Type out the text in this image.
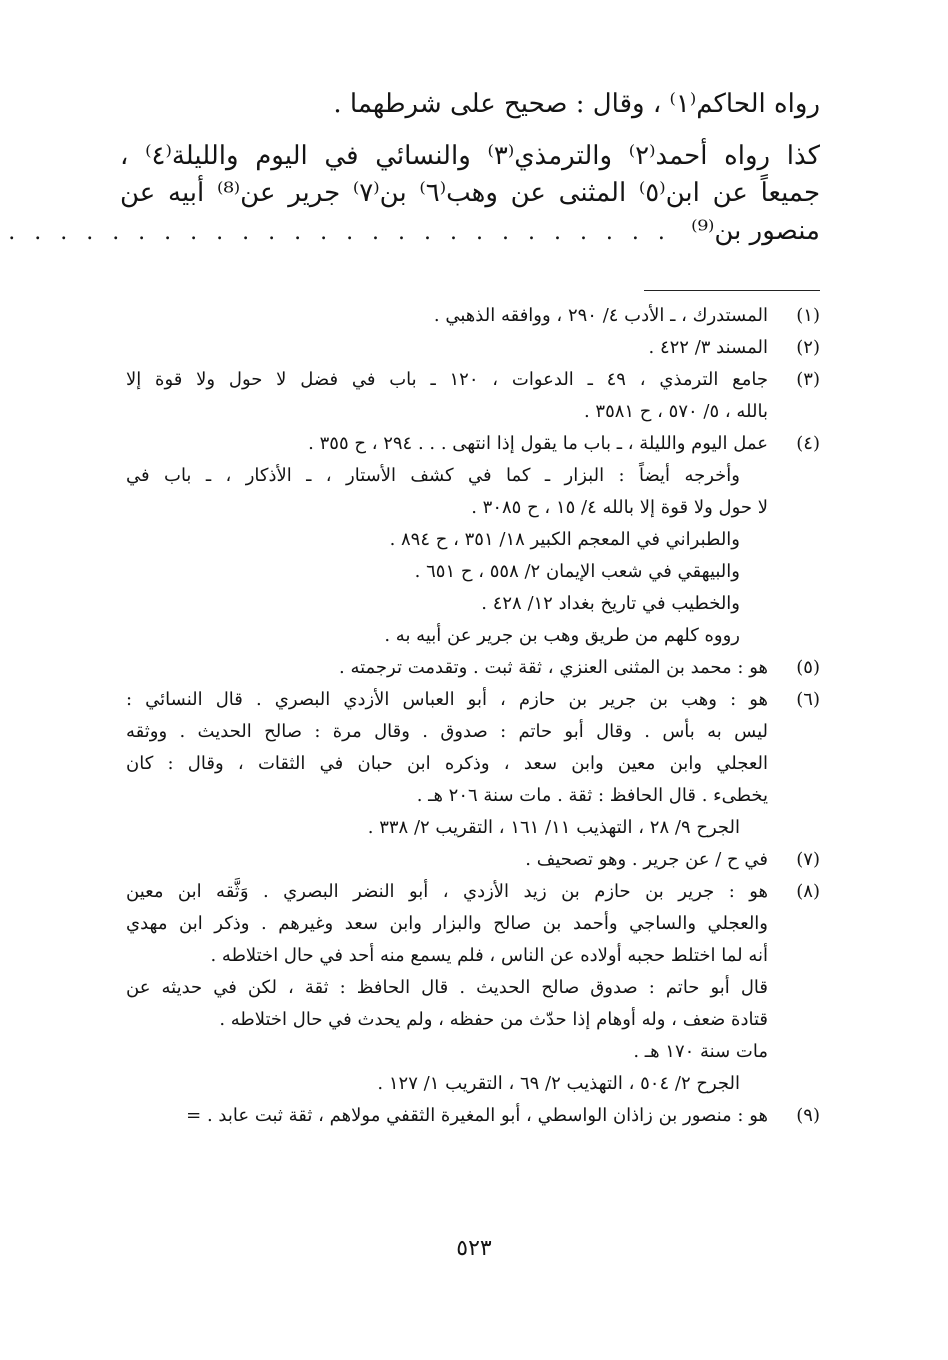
رواه الحاكم⁽١⁾ ، وقال : صحيح على شرطهما .

كذا رواه أحمد⁽٢⁾ والترمذي⁽٣⁾ والنسائي في اليوم والليلة⁽٤⁾ ،

جميعاً عن ابن⁽٥⁾ المثنى عن وهب⁽٦⁾ بن⁽٧⁾ جرير عن⁽⁸⁾ أبيه عن

منصور بن⁽⁹⁾ . . . . . . . . . . . . . . . . . . . . . . . . . .

(١)
المستدرك ، ـ الأدب ٤/ ٢٩٠ ، ووافقه الذهبي .
(٢)
المسند ٣/ ٤٢٢ .
(٣)
جامع الترمذي ، ٤٩ ـ الدعوات ، ١٢٠ ـ باب في فضل لا حول ولا قوة إلا
بالله ، ٥/ ٥٧٠ ، ح ٣٥٨١ .
(٤)
عمل اليوم والليلة ، ـ باب ما يقول إذا انتهى . . . ٢٩٤ ، ح ٣٥٥ .
وأخرجه أيضاً : البزار ـ كما في كشف الأستار ، ـ الأذكار ، ـ باب في
لا حول ولا قوة إلا بالله ٤/ ١٥ ، ح ٣٠٨٥ .
والطبراني في المعجم الكبير ١٨/ ٣٥١ ، ح ٨٩٤ .
والبيهقي في شعب الإيمان ٢/ ٥٥٨ ، ح ٦٥١ .
والخطيب في تاريخ بغداد ١٢/ ٤٢٨ .
رووه كلهم من طريق وهب بن جرير عن أبيه به .
(٥)
هو : محمد بن المثنى العنزي ، ثقة ثبت . وتقدمت ترجمته .
(٦)
هو : وهب بن جرير بن حازم ، أبو العباس الأزدي البصري . قال النسائي :
ليس به بأس . وقال أبو حاتم : صدوق . وقال مرة : صالح الحديث . ووثقه
العجلي وابن معين وابن سعد ، وذكره ابن حبان في الثقات ، وقال : كان
يخطىء . قال الحافظ : ثقة . مات سنة ٢٠٦ هـ .
الجرح ٩/ ٢٨ ، التهذيب ١١/ ١٦١ ، التقريب ٢/ ٣٣٨ .
(٧)
في ح / عن جرير . وهو تصحيف .
(٨)
هو : جرير بن حازم بن زيد الأزدي ، أبو النضر البصري . وَثَّقه ابن معين
والعجلي والساجي وأحمد بن صالح والبزار وابن سعد وغيرهم . وذكر ابن مهدي
أنه لما اختلط حجبه أولاده عن الناس ، فلم يسمع منه أحد في حال اختلاطه .
قال أبو حاتم : صدوق صالح الحديث . قال الحافظ : ثقة ، لكن في حديثه عن
قتادة ضعف ، وله أوهام إذا حدّث من حفظه ، ولم يحدث في حال اختلاطه .
مات سنة ١٧٠ هـ .
الجرح ٢/ ٥٠٤ ، التهذيب ٢/ ٦٩ ، التقريب ١/ ١٢٧ .
(٩)
هو : منصور بن زاذان الواسطي ، أبو المغيرة الثقفي مولاهم ، ثقة ثبت عابد . =
٥٢٣
